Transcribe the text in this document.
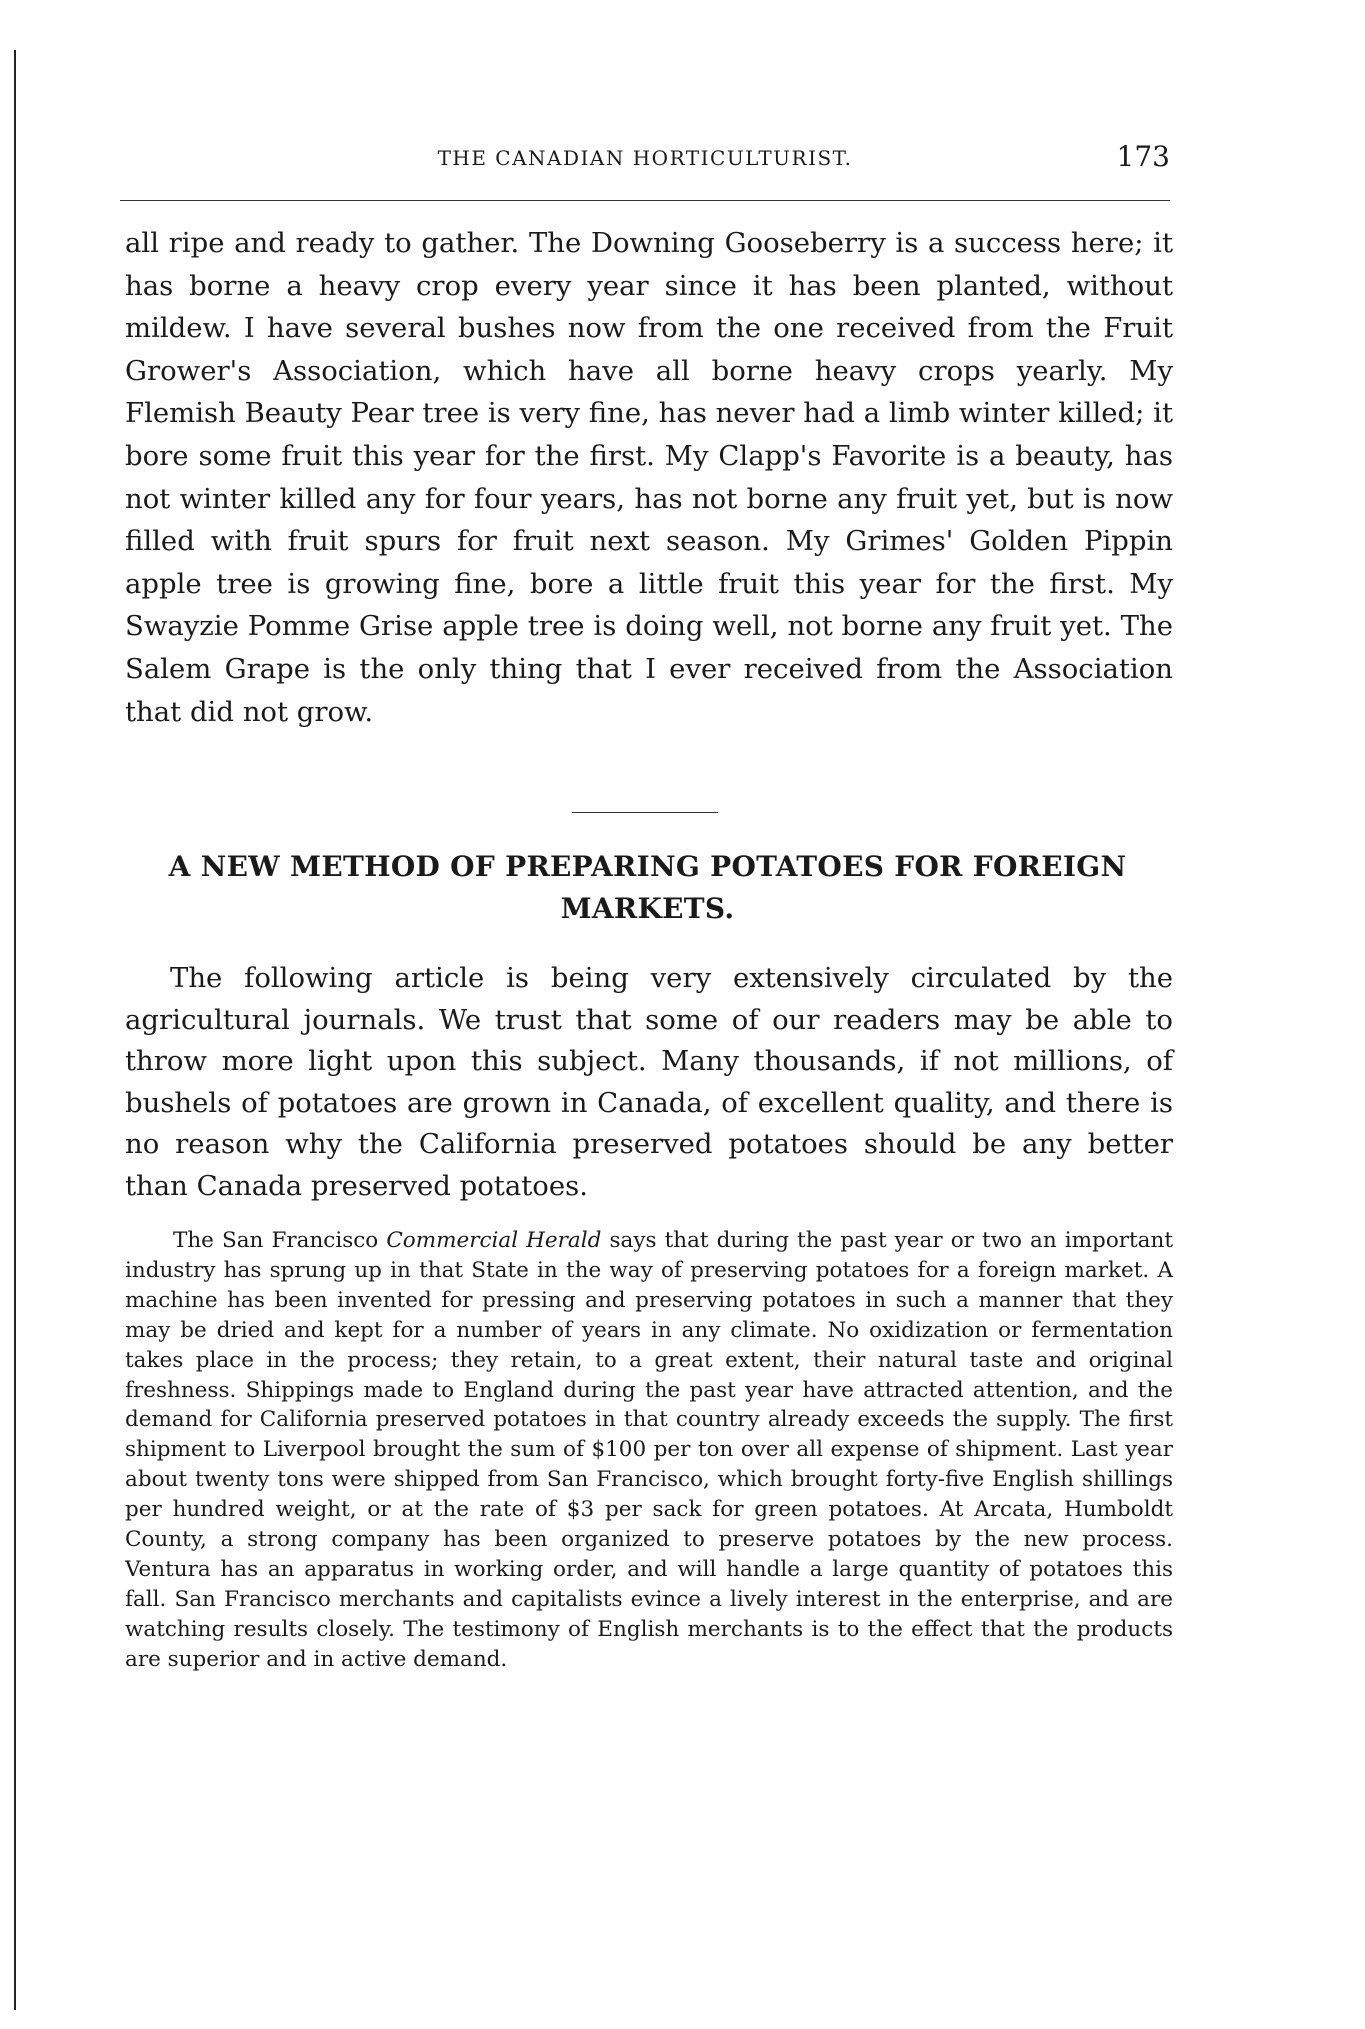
THE CANADIAN HORTICULTURIST.	173

all ripe and ready to gather. The Downing Gooseberry is a success here; it has borne a heavy crop every year since it has been planted, without mildew. I have several bushes now from the one received from the Fruit Grower's Association, which have all borne heavy crops yearly. My Flemish Beauty Pear tree is very fine, has never had a limb winter killed; it bore some fruit this year for the first. My Clapp's Favorite is a beauty, has not winter killed any for four years, has not borne any fruit yet, but is now filled with fruit spurs for fruit next season. My Grimes' Golden Pippin apple tree is growing fine, bore a little fruit this year for the first. My Swayzie Pomme Grise apple tree is doing well, not borne any fruit yet. The Salem Grape is the only thing that I ever received from the Association that did not grow.

A NEW METHOD OF PREPARING POTATOES FOR FOREIGN MARKETS.

The following article is being very extensively circulated by the agricultural journals. We trust that some of our readers may be able to throw more light upon this subject. Many thousands, if not millions, of bushels of potatoes are grown in Canada, of excellent quality, and there is no reason why the California preserved potatoes should be any better than Canada preserved potatoes.

The San Francisco Commercial Herald says that during the past year or two an important industry has sprung up in that State in the way of preserving potatoes for a foreign market. A machine has been invented for pressing and preserving potatoes in such a manner that they may be dried and kept for a number of years in any climate. No oxidization or fermentation takes place in the process; they retain, to a great extent, their natural taste and original freshness. Shippings made to England during the past year have attracted attention, and the demand for California preserved potatoes in that country already exceeds the supply. The first shipment to Liverpool brought the sum of $100 per ton over all expense of shipment. Last year about twenty tons were shipped from San Francisco, which brought forty-five English shillings per hundred weight, or at the rate of $3 per sack for green potatoes. At Arcata, Humboldt County, a strong company has been organized to preserve potatoes by the new process. Ventura has an apparatus in working order, and will handle a large quantity of potatoes this fall. San Francisco merchants and capitalists evince a lively interest in the enterprise, and are watching results closely. The testimony of English merchants is to the effect that the products are superior and in active demand.
